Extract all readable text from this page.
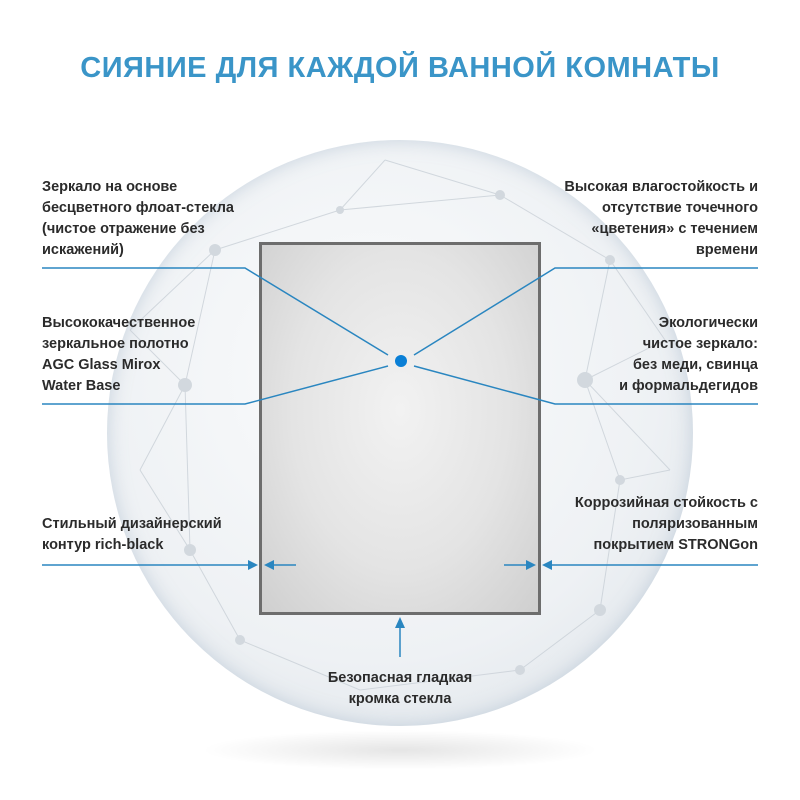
СИЯНИЕ ДЛЯ КАЖДОЙ ВАННОЙ КОМНАТЫ
Зеркало на основе
бесцветного флоат-стекла
(чистое отражение без
искажений)
Высокая влагостойкость и
отсутствие точечного
«цветения» с течением
времени
Высококачественное
зеркальное полотно
AGC Glass Mirox
Water Base
Экологически
чистое зеркало:
без меди, свинца
и формальдегидов
Стильный дизайнерский
контур rich-black
Коррозийная стойкость с
поляризованным
покрытием STRONGon
Безопасная гладкая
кромка стекла
